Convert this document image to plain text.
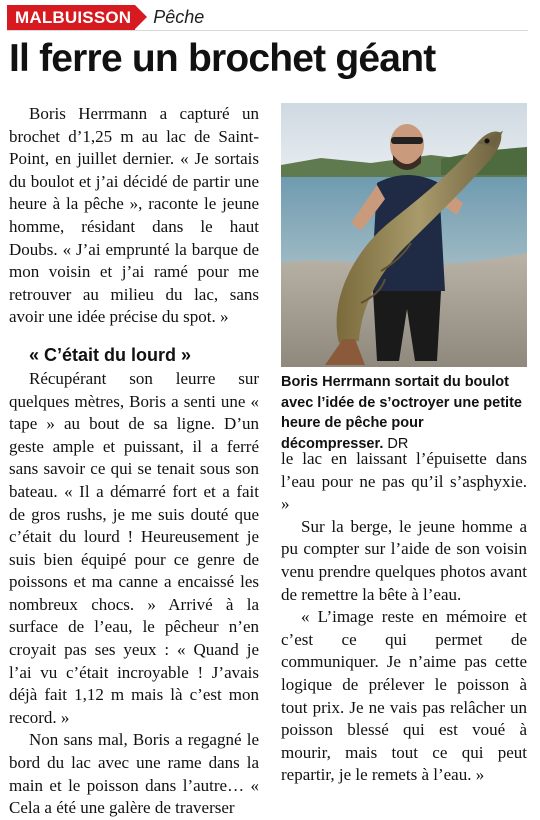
MALBUISSON Pêche
Il ferre un brochet géant

Boris Herrmann a capturé un brochet d’1,25 m au lac de Saint-Point, en juillet dernier. « Je sortais du boulot et j’ai décidé de partir une heure à la pêche », raconte le jeune homme, résidant dans le haut Doubs. « J’ai emprunté la barque de mon voisin et j’ai ramé pour me retrouver au milieu du lac, sans avoir une idée précise du spot. »

« C’était du lourd »

Récupérant son leurre sur quelques mètres, Boris a senti une « tape » au bout de sa ligne. D’un geste ample et puissant, il a ferré sans savoir ce qui se tenait sous son bateau. « Il a démarré fort et a fait de gros rushs, je me suis douté que c’était du lourd ! Heureusement je suis bien équipé pour ce genre de poissons et ma canne a encaissé les nombreux chocs. » Arrivé à la surface de l’eau, le pêcheur n’en croyait pas ses yeux : « Quand je l’ai vu c’était incroyable ! J’avais déjà fait 1,12 m mais là c’est mon record. »

Non sans mal, Boris a regagné le bord du lac avec une rame dans la main et le poisson dans l’autre… « Cela a été une galère de traverser

Boris Herrmann sortait du boulot avec l’idée de s’octroyer une petite heure de pêche pour décompresser. DR

le lac en laissant l’épuisette dans l’eau pour ne pas qu’il s’asphyxie. »

Sur la berge, le jeune homme a pu compter sur l’aide de son voisin venu prendre quelques photos avant de remettre la bête à l’eau.

« L’image reste en mémoire et c’est ce qui permet de communiquer. Je n’aime pas cette logique de prélever le poisson à tout prix. Je ne vais pas relâcher un poisson blessé qui est voué à mourir, mais tout ce qui peut repartir, je le remets à l’eau. »
